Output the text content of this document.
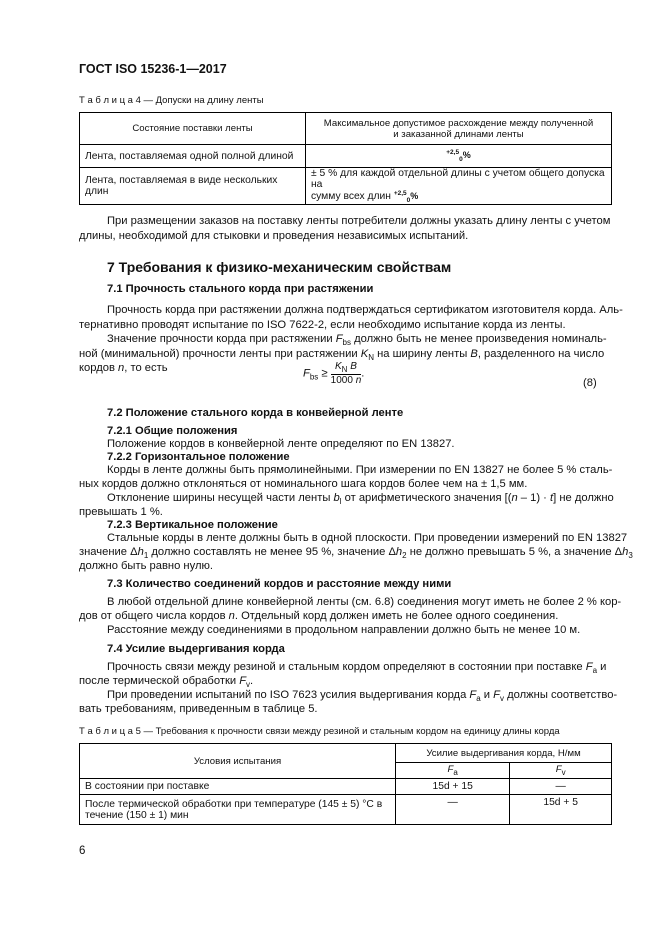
ГОСТ ISO 15236-1—2017
Т а б л и ц а 4 — Допуски на длину ленты
Состояние поставки ленты	Максимальное допустимое расхождение между полученной
и заказанной длинами ленты

Лента, поставляемая одной полной длиной	$^{+2,5}_0$%
Лента, поставляемая в виде нескольких длин	± 5 % для каждой отдельной длины с учетом общего допуска на
сумму всех длин $^{+2,5}_0$%
При размещении заказов на поставку ленты потребители должны указать длину ленты с учетом
длины, необходимой для стыковки и проведения независимых испытаний.
7 Требования к физико-механическим свойствам
7.1 Прочность стального корда при растяжении
Прочность корда при растяжении должна подтверждаться сертификатом изготовителя корда. Аль-
тернативно проводят испытание по ISO 7622-2, если необходимо испытание корда из ленты.
Значение прочности корда при растяжении $F_{bs}$ должно быть не менее произведения номиналь-
ной (минимальной) прочности ленты при растяжении $K_N$ на ширину ленты B, разделенного на число
кордов n, то есть	$F_{bs} \ge \frac{K_N B}{1000 n}$ .
(8)
7.2 Положение стального корда в конвейерной ленте
7.2.1 Общие положения
Положение кордов в конвейерной ленте определяют по EN 13827.
7.2.2 Горизонтальное положение
Корды в ленте должны быть прямолинейными. При измерении по EN 13827 не более 5 % сталь-
ных кордов должно отклоняться от номинального шага кордов более чем на ± 1,5 мм.
Отклонение ширины несущей части ленты $b_l$ от арифметического значения [(n – 1) · t] не должно
превышать 1 %.
7.2.3 Вертикальное положение
Стальные корды в ленте должны быть в одной плоскости. При проведении измерений по EN 13827
значение $\Delta h_1$ должно составлять не менее 95 %, значение $\Delta h_2$ не должно превышать 5 %, а значение $\Delta h_3$
должно быть равно нулю.
7.3 Количество соединений кордов и расстояние между ними
В любой отдельной длине конвейерной ленты (см. 6.8) соединения могут иметь не более 2 % кор-
дов от общего числа кордов n. Отдельный корд должен иметь не более одного соединения.
Расстояние между соединениями в продольном направлении должно быть не менее 10 м.
7.4 Усилие выдергивания корда
Прочность связи между резиной и стальным кордом определяют в состоянии при поставке $F_a$ и
после термической обработки $F_v$.
При проведении испытаний по ISO 7623 усилия выдергивания корда $F_a$ и $F_v$ должны соответство-
вать требованиям, приведенным в таблице 5.
Т а б л и ц а 5 — Требования к прочности связи между резиной и стальным кордом на единицу длины корда
Условия испытания	Усилие выдергивания корда, Н/мм	
	$F_a$	$F_v$
В состоянии при поставке	15d + 15	—

После термической обработки при температуре (145 ± 5) °С в
течение (150 ± 1) мин	—	15d + 5
6
